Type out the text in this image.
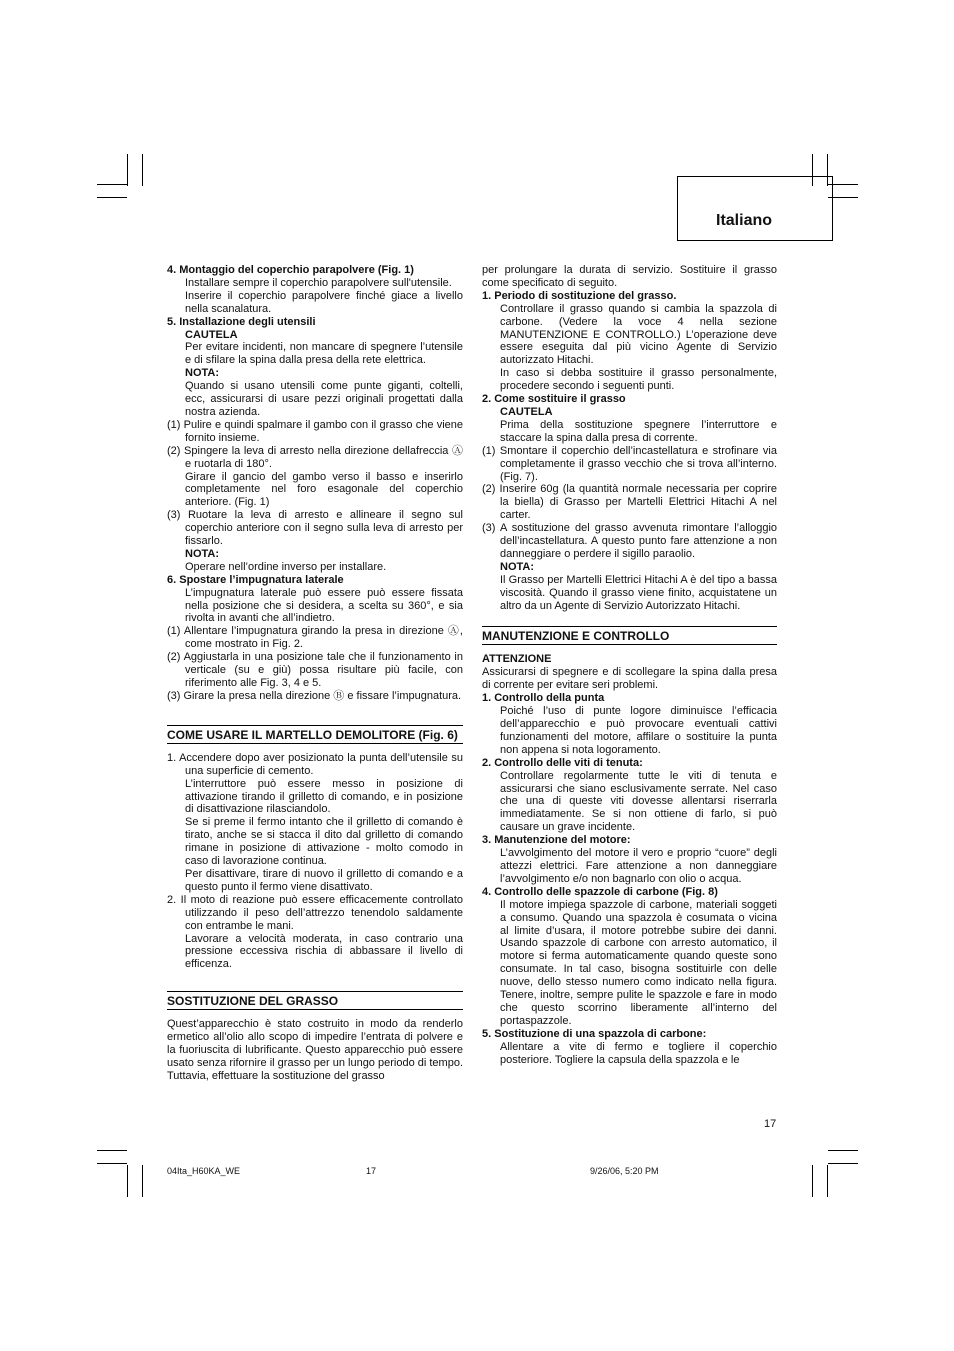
Italiano

4. Montaggio del coperchio parapolvere (Fig. 1)

Installare sempre il coperchio parapolvere sull'utensile.

Inserire il coperchio parapolvere finché giace a livello nella scanalatura.

5. Installazione degli utensili

CAUTELA

Per evitare incidenti, non mancare di spegnere l’utensile e di sfilare la spina dalla presa della rete elettrica.

NOTA:

Quando si usano utensili come punte giganti, coltelli, ecc, assicurarsi di usare pezzi originali progettati dalla nostra azienda.

(1) Pulire e quindi spalmare il gambo con il grasso che viene fornito insieme.

(2) Spingere la leva di arresto nella direzione dellafreccia Ⓐ e ruotarla di 180°.

Girare il gancio del gambo verso il basso e inserirlo completamente nel foro esagonale del coperchio anteriore. (Fig. 1)

(3) Ruotare la leva di arresto e allineare il segno sul coperchio anteriore con il segno sulla leva di arresto per fissarlo.

NOTA:

Operare nell’ordine inverso per installare.

6. Spostare l’impugnatura laterale

L’impugnatura laterale può essere può essere fissata nella posizione che si desidera, a scelta su 360°, e sia rivolta in avanti che all’indietro.

(1) Allentare l’impugnatura girando la presa in direzione Ⓐ, come mostrato in Fig. 2.

(2) Aggiustarla in una posizione tale che il funzionamento in verticale (su e giù) possa risultare più facile, con riferimento alle Fig. 3, 4 e 5.

(3) Girare la presa nella direzione Ⓑ e fissare l’impugnatura.

COME USARE IL MARTELLO DEMOLITORE (Fig. 6)

1. Accendere dopo aver posizionato la punta dell’utensile su una superficie di cemento.

L’interruttore può essere messo in posizione di attivazione tirando il grilletto di comando, e in posizione di disattivazione rilasciandolo.

Se si preme il fermo intanto che il grilletto di comando è tirato, anche se si stacca il dito dal grilletto di comando rimane in posizione di attivazione - molto comodo in caso di lavorazione continua.

Per disattivare, tirare di nuovo il grilletto di comando e a questo punto il fermo viene disattivato.

2. Il moto di reazione può essere efficacemente controllato utilizzando il peso dell’attrezzo tenendolo saldamente con entrambe le mani.

Lavorare a velocità moderata, in caso contrario una pressione eccessiva rischia di abbassare il livello di efficenza.

SOSTITUZIONE DEL GRASSO

Quest’apparecchio è stato costruito in modo da renderlo ermetico all’olio allo scopo di impedire l’entrata di polvere e la fuoriuscita di lubrificante. Questo apparecchio può essere usato senza rifornire il grasso per un lungo periodo di tempo. Tuttavia, effettuare la sostituzione del grasso

per prolungare la durata di servizio. Sostituire il grasso come specificato di seguito.

1. Periodo di sostituzione del grasso.

Controllare il grasso quando si cambia la spazzola di carbone. (Vedere la voce 4 nella sezione MANUTENZIONE E CONTROLLO.) L’operazione deve essere eseguita dal più vicino Agente di Servizio autorizzato Hitachi.

In caso si debba sostituire il grasso personalmente, procedere secondo i seguenti punti.

2. Come sostituire il grasso

CAUTELA

Prima della sostituzione spegnere l’interruttore e staccare la spina dalla presa di corrente.

(1) Smontare il coperchio dell’incastellatura e strofinare via completamente il grasso vecchio che si trova all’interno. (Fig. 7).

(2) Inserire 60g (la quantità normale necessaria per coprire la biella) di Grasso per Martelli Elettrici Hitachi A nel carter.

(3) A sostituzione del grasso avvenuta rimontare l’alloggio dell’incastellatura. A questo punto fare attenzione a non danneggiare o perdere il sigillo paraolio.

NOTA:

Il Grasso per Martelli Elettrici Hitachi A è del tipo a bassa viscosità. Quando il grasso viene finito, acquistatene un altro da un Agente di Servizio Autorizzato Hitachi.

MANUTENZIONE E CONTROLLO

ATTENZIONE

Assicurarsi di spegnere e di scollegare la spina dalla presa di corrente per evitare seri problemi.

1. Controllo della punta

Poiché l’uso di punte logore diminuisce l’efficacia dell’apparecchio e può provocare eventuali cattivi funzionamenti del motore, affilare o sostituire la punta non appena si nota logoramento.

2. Controllo delle viti di tenuta:

Controllare regolarmente tutte le viti di tenuta e assicurarsi che siano esclusivamente serrate. Nel caso che una di queste viti dovesse allentarsi riserrarla immediatamente. Se si non ottiene di farlo, si può causare un grave incidente.

3. Manutenzione del motore:

L’avvolgimento del motore il vero e proprio “cuore” degli attezzi elettrici. Fare attenzione a non danneggiare l’avvolgimento e/o non bagnarlo con olio o acqua.

4. Controllo delle spazzole di carbone (Fig. 8)

Il motore impiega spazzole di carbone, materiali soggeti a consumo. Quando una spazzola è cosumata o vicina al limite d’usara, il motore potrebbe subire dei danni. Usando spazzole di carbone con arresto automatico, il motore si ferma automaticamente quando queste sono consumate. In tal caso, bisogna sostituirle con delle nuove, dello stesso numero como indicato nella figura. Tenere, inoltre, sempre pulite le spazzole e fare in modo che questo scorrino liberamente all’interno del portaspazzole.

5. Sostituzione di una spazzola di carbone:

Allentare a vite di fermo e togliere il coperchio posteriore. Togliere la capsula della spazzola e le

17
04Ita_H60KA_WE	17	9/26/06, 5:20 PM
